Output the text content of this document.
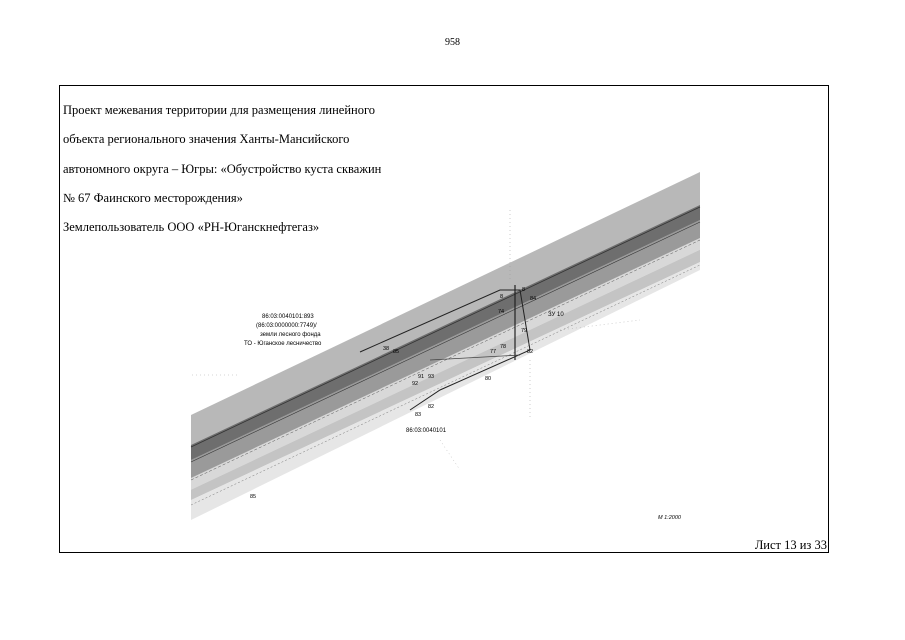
958

Проект межевания территории для размещения линейного

объекта регионального значения Ханты-Мансийского

автономного округа – Югры: «Обустройство куста скважин

№ 67 Фаинского месторождения»

Землепользователь ООО «РН-Юганскнефтегаз»

86:03:0040101:893
(86:03:0000000:7749)/
земли лесного фонда
ТО - Юганское лесничество
86:03:0040101
М 1:2000
8
84
8
74
79
78
77
80
82
38 85
91 93
92
82
83
85
ЗУ 10
Лист 13 из 33
